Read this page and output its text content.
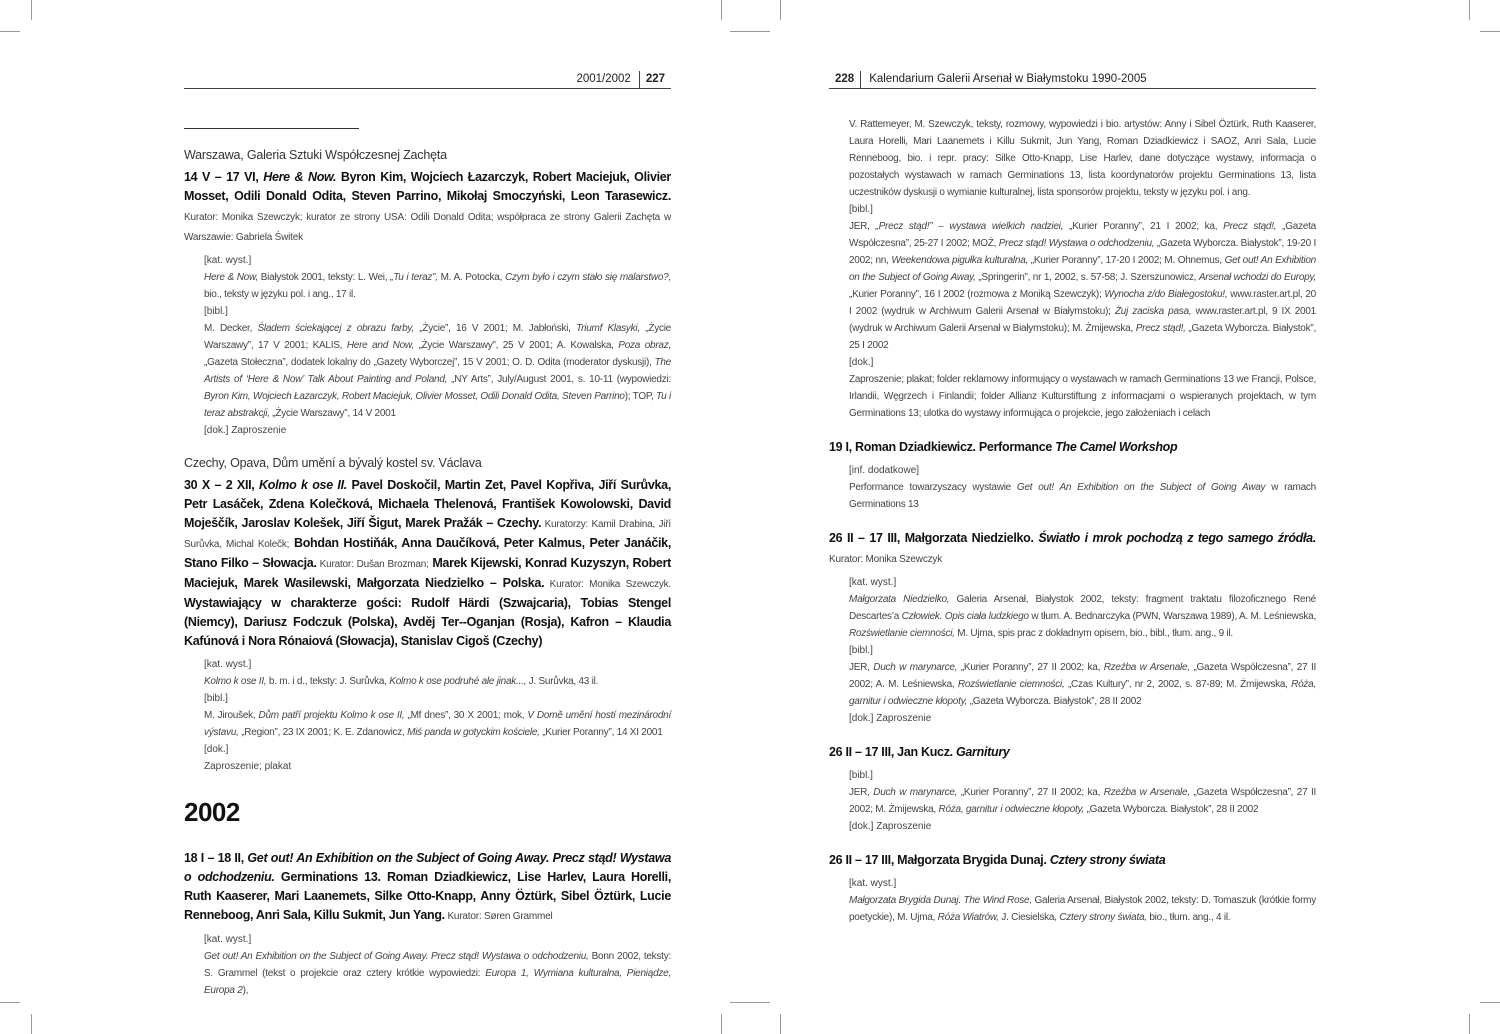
2001/2002	227

Warszawa, Galeria Sztuki Współczesnej Zachęta

14 V – 17 VI, Here & Now. Byron Kim, Wojciech Łazarczyk, Robert Maciejuk, Olivier Mosset, Odili Donald Odita, Steven Parrino, Mikołaj Smoczyński, Leon Tarasewicz. Kurator: Monika Szewczyk; kurator ze strony USA: Odili Donald Odita; współpraca ze strony Galerii Zachęta w Warszawie: Gabriela Świtek

[kat. wyst.]

Here & Now, Białystok 2001, teksty: L. Wei, „Tu i teraz”, M. A. Potocka, Czym było i czym stało się malarstwo?, bio., teksty w języku pol. i ang., 17 il.

[bibl.]

M. Decker, Śladem ściekającej z obrazu farby, „Życie”, 16 V 2001; M. Jabłoński, Triumf Klasyki, „Życie Warszawy”, 17 V 2001; KALIS, Here and Now, „Życie Warszawy”, 25 V 2001; A. Kowalska, Poza obraz, „Gazeta Stołeczna”, dodatek lokalny do „Gazety Wyborczej”, 15 V 2001; O. D. Odita (moderator dyskusji), The Artists of ‘Here & Now’ Talk About Painting and Poland, „NY Arts”, July/August 2001, s. 10-11 (wypowiedzi: Byron Kim, Wojciech Łazarczyk, Robert Maciejuk, Olivier Mosset, Odili Donald Odita, Steven Parrino); TOP, Tu i teraz abstrakcji, „Życie Warszawy”, 14 V 2001

[dok.] Zaproszenie

Czechy, Opava, Dům umění a bývalý kostel sv. Václava

30 X – 2 XII, Kolmo k ose II. Pavel Doskočil, Martin Zet, Pavel Kopřiva, Jiří Surůvka, Petr Lasáček, Zdena Kolečková, Michaela Thelenová, František Kowolowski, David Moješčík, Jaroslav Kolešek, Jiří Šigut, Marek Pražák – Czechy. Kuratorzy: Kamil Drabina, Jiří Surůvka, Michal Kolečk; Bohdan Hostiňák, Anna Daučíková, Peter Kalmus, Peter Janáčik, Stano Filko – Słowacja. Kurator: Dušan Brozman; Marek Kijewski, Konrad Kuzyszyn, Robert Maciejuk, Marek Wasilewski, Małgorzata Niedzielko – Polska. Kurator: Monika Szewczyk. Wystawiający w charakterze gości: Rudolf Härdi (Szwajcaria), Tobias Stengel (Niemcy), Dariusz Fodczuk (Polska), Avděj Ter--Oganjan (Rosja), Kafron – Klaudia Kafúnová i Nora Rónaiová (Słowacja), Stanislav Cigoš (Czechy)

[kat. wyst.]

Kolmo k ose II, b. m. i d., teksty: J. Surůvka, Kolmo k ose podruhé ale jinak..., J. Surůvka, 43 il.

[bibl.]

M. Jiroušek, Dům patří projektu Kolmo k ose II, „Mf dnes”, 30 X 2001; mok, V Domě umění hostí mezinárodní výstavu, „Region”, 23 IX 2001; K. E. Zdanowicz, Miś panda w gotyckim kościele, „Kurier Poranny”, 14 XI 2001

[dok.]

Zaproszenie; plakat

2002

18 I – 18 II, Get out! An Exhibition on the Subject of Going Away. Precz stąd! Wystawa o odchodzeniu. Germinations 13. Roman Dziadkiewicz, Lise Harlev, Laura Horelli, Ruth Kaaserer, Mari Laanemets, Silke Otto-Knapp, Anny Öztürk, Sibel Öztürk, Lucie Renneboog, Anri Sala, Killu Sukmit, Jun Yang. Kurator: Søren Grammel

[kat. wyst.]

Get out! An Exhibition on the Subject of Going Away. Precz stąd! Wystawa o odchodzeniu, Bonn 2002, teksty: S. Grammel (tekst o projekcie oraz cztery krótkie wypowiedzi: Europa 1, Wymiana kulturalna, Pieniądze, Europa 2),

228	Kalendarium Galerii Arsenał w Białymstoku 1990-2005

V. Rattemeyer, M. Szewczyk, teksty, rozmowy, wypowiedzi i bio. artystów: Anny i Sibel Öztürk, Ruth Kaaserer, Laura Horelli, Mari Laanemets i Killu Sukmit, Jun Yang, Roman Dziadkiewicz i SAOZ, Anri Sala, Lucie Renneboog, bio. i repr. pracy: Silke Otto-Knapp, Lise Harlev, dane dotyczące wystawy, informacja o pozostałych wystawach w ramach Germinations 13, lista koordynatorów projektu Germinations 13, lista uczestników dyskusji o wymianie kulturalnej, lista sponsorów projektu, teksty w języku pol. i ang.

[bibl.]

JER, „Precz stąd!” – wystawa wielkich nadziei, „Kurier Poranny”, 21 I 2002; ka, Precz stąd!, „Gazeta Współczesna”, 25-27 I 2002; MOŻ, Precz stąd! Wystawa o odchodzeniu, „Gazeta Wyborcza. Białystok”, 19-20 I 2002; nn, Weekendowa pigułka kulturalna, „Kurier Poranny”, 17-20 I 2002; M. Ohnemus, Get out! An Exhibition on the Subject of Going Away, „Springerin”, nr 1, 2002, s. 57-58; J. Szerszunowicz, Arsenał wchodzi do Europy, „Kurier Poranny”, 16 I 2002 (rozmowa z Moniką Szewczyk); Wynocha z/do Białegostoku!, www.raster.art.pl, 20 I 2002 (wydruk w Archiwum Galerii Arsenał w Białymstoku); Żuj zaciska pasa, www.raster.art.pl, 9 IX 2001 (wydruk w Archiwum Galerii Arsenał w Białymstoku); M. Żmijewska, Precz stąd!, „Gazeta Wyborcza. Białystok”, 25 I 2002

[dok.]

Zaproszenie; plakat; folder reklamowy informujący o wystawach w ramach Germinations 13 we Francji, Polsce, Irlandii, Węgrzech i Finlandii; folder Allianz Kulturstiftung z informacjami o wspieranych projektach, w tym Germinations 13; ulotka do wystawy informująca o projekcie, jego założeniach i celach

19 I, Roman Dziadkiewicz. Performance The Camel Workshop

[inf. dodatkowe]

Performance towarzyszacy wystawie Get out! An Exhibition on the Subject of Going Away w ramach Germinations 13

26 II – 17 III, Małgorzata Niedzielko. Światło i mrok pochodzą z tego samego źródła. Kurator: Monika Szewczyk

[kat. wyst.]

Małgorzata Niedzielko, Galeria Arsenał, Białystok 2002, teksty: fragment traktatu filozoficznego René Descartes’a Człowiek. Opis ciała ludzkiego w tłum. A. Bednarczyka (PWN, Warszawa 1989), A. M. Leśniewska, Rozświetlanie ciemności, M. Ujma, spis prac z dokładnym opisem, bio., bibl., tłum. ang., 9 il.

[bibl.]

JER, Duch w marynarce, „Kurier Poranny”, 27 II 2002; ka, Rzeźba w Arsenale, „Gazeta Współczesna”, 27 II 2002; A. M. Leśniewska, Rozświetlanie ciemności, „Czas Kultury”, nr 2, 2002, s. 87-89; M. Żmijewska, Róża, garnitur i odwieczne kłopoty, „Gazeta Wyborcza. Białystok”, 28 II 2002

[dok.] Zaproszenie

26 II – 17 III, Jan Kucz. Garnitury

[bibl.]

JER, Duch w marynarce, „Kurier Poranny”, 27 II 2002; ka, Rzeźba w Arsenale, „Gazeta Współczesna”, 27 II 2002; M. Żmijewska, Róża, garnitur i odwieczne kłopoty, „Gazeta Wyborcza. Białystok”, 28 II 2002

[dok.] Zaproszenie

26 II – 17 III, Małgorzata Brygida Dunaj. Cztery strony świata

[kat. wyst.]

Małgorzata Brygida Dunaj. The Wind Rose, Galeria Arsenał, Białystok 2002, teksty: D. Tomaszuk (krótkie formy poetyckie), M. Ujma, Róża Wiatrów, J. Ciesielska, Cztery strony świata, bio., tłum. ang., 4 il.
